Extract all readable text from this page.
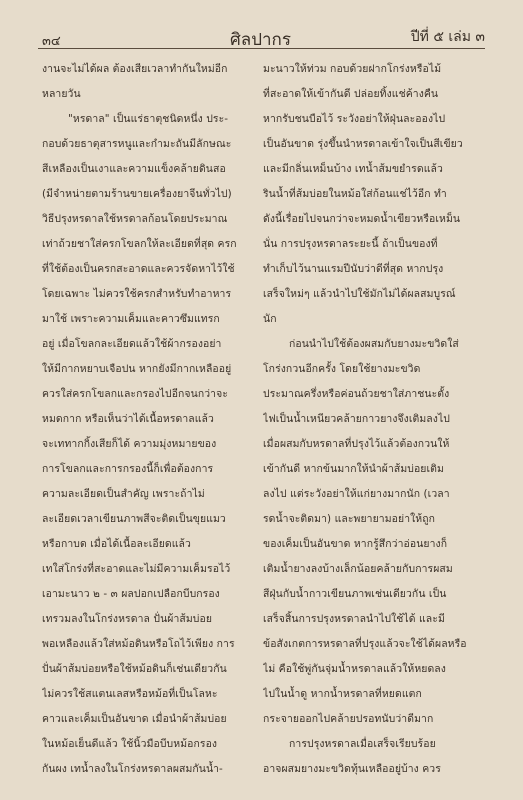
๓๔	ศิลปากร	ปีที่ ๕ เล่ม ๓
งานจะไม่ได้ผล ต้องเสียเวลาทำกันใหม่อีก
หลายวัน
"หรดาล" เป็นแร่ธาตุชนิดหนึ่ง ประ-
กอบด้วยธาตุสารหนูและกำมะถันมีลักษณะ
สีเหลืองเป็นเงาและความแข็งคล้ายดินสอ
(มีจำหน่ายตามร้านขายเครื่องยาจีนทั่วไป)
วิธีปรุงหรดาลใช้หรดาลก้อนโดยประมาณ
เท่าถ้วยชาใส่ครกโขลกให้ละเอียดที่สุด ครก
ที่ใช้ต้องเป็นครกสะอาดและควรจัดหาไว้ใช้
โดยเฉพาะ ไม่ควรใช้ครกสำหรับทำอาหาร
มาใช้ เพราะความเค็มและคาวซึมแทรก
อยู่ เมื่อโขลกละเอียดแล้วใช้ผ้ากรองอย่า
ให้มีกากหยาบเจือปน หากยังมีกากเหลืออยู่
ควรใส่ครกโขลกและกรองไปอีกจนกว่าจะ
หมดกาก หรือเห็นว่าได้เนื้อหรดาลแล้ว
จะเททากกิ้งเสียก็ได้ ความมุ่งหมายของ
การโขลกและการกรองนี้ก็เพื่อต้องการ
ความละเอียดเป็นสำคัญ เพราะถ้าไม่
ละเอียดเวลาเขียนภาพสีจะติดเป็นขุยแมว
หรือกาบด เมื่อได้เนื้อละเอียดแล้ว
เทใส่โกร่งที่สะอาดและไม่มีความเค็มรอไว้
เอามะนาว ๒ - ๓ ผลปอกเปลือกบีบกรอง
เทรวมลงในโกร่งหรดาล ปั่นผ้าส้มบ่อย
พอเหลืองแล้วใส่หม้อดินหรือโถไว้เพียง การ
ปั่นผ้าส้มบ่อยหรือใช้หม้อดินก็เช่นเดียวกัน
ไม่ควรใช้สแตนเลสหรือหม้อที่เป็นโลหะ
คาวและเค็มเป็นอันขาด เมื่อนำผ้าส้มบ่อย
ในหม้อเย็นดีแล้ว ใช้นิ้วมือบีบหม้อกรอง
กันผง เทน้ำลงในโกร่งหรดาลผสมกันน้ำ-
มะนาวให้ท่วม กอบด้วยฝากโกร่งหรือไม้
ที่สะอาดให้เข้ากันดี ปล่อยทิ้งแช่ค้างคืน
หากรับชนบือไว้ ระวังอย่าให้ฝุ่นละอองไป
เป็นอันขาด รุ่งขึ้นนำหรดาลเข้าใจเป็นสีเขียว
และมีกลิ่นเหม็นบ้าง เทน้ำส้มขยำรดแล้ว
รินน้ำที่ส้มบ่อยในหม้อใส่ก้อนแช่ไว้อีก ทำ
ดังนี้เรื่อยไปจนกว่าจะหมดน้ำเขียวหรือเหม็น
นั่น การปรุงหรดาลระยะนี้ ถ้าเป็นของที่
ทำเก็บไว้นานแรมปีนับว่าดีที่สุด หากปรุง
เสร็จใหม่ๆ แล้วนำไปใช้มักไม่ได้ผลสมบูรณ์
นัก
ก่อนนำไปใช้ต้องผสมกับยางมะขวิดใส่
โกร่งกวนอีกครั้ง โดยใช้ยางมะขวิด
ประมาณครึ่งหรือค่อนถ้วยชาใส่ภาชนะตั้ง
ไฟเป็นน้ำเหนียวคล้ายกาวยางจึงเติมลงไป
เมื่อผสมกับหรดาลที่ปรุงไว้แล้วต้องกวนให้
เข้ากันดี หากข้นมากให้นำผ้าส้มบ่อยเติม
ลงไป แต่ระวังอย่าให้แก่ยางมากนัก (เวลา
รดน้ำจะติดมา) และพยายามอย่าให้ถูก
ของเค็มเป็นอันขาด หากรู้สึกว่าอ่อนยางก็
เติมน้ำยางลงบ้างเล็กน้อยคล้ายกับการผสม
สีฝุ่นกับน้ำกาวเขียนภาพเช่นเดียวกัน เป็น
เสร็จสิ้นการปรุงหรดาลนำไปใช้ได้ และมี
ข้อสังเกตการหรดาลที่ปรุงแล้วจะใช้ได้ผลหรือ
ไม่ คือใช้พู่กันจุ่มน้ำหรดาลแล้วให้หยดลง
ไปในน้ำดู หากน้ำหรดาลที่หยดแตก
กระจายออกไปคล้ายปรอทนับว่าดีมาก
การปรุงหรดาลเมื่อเสร็จเรียบร้อย
อาจผสมยางมะขวิดทุ้นเหลืออยู่บ้าง ควร
